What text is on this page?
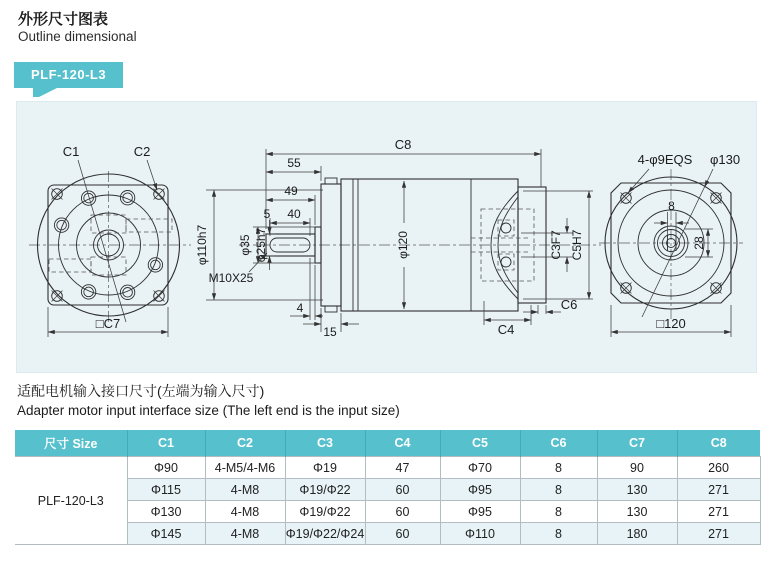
外形尺寸图表
Outline dimensional
PLF-120-L3
C1	C2
□C7
φ110h7
C8
55
49
5 40
φ35 φ25h7
M10X25
4
15
φ120	C3F7 C5H7
C4
C6
4-φ9EQS φ130
8
28
□120
适配电机输入接口尺寸(左端为输入尺寸)
Adapter motor input interface size (The left end is the input size)
尺寸 Size	C1	C2	C3	C4	C5	C6	C7	C8
PLF-120-L3	Φ90	4-M5/4-M6	Φ19	47	Φ70	8	90	260
	Φ115	4-M8	Φ19/Φ22	60	Φ95	8	130	271
	Φ130	4-M8	Φ19/Φ22	60	Φ95	8	130	271
	Φ145	4-M8	Φ19/Φ22/Φ24	60	Φ110	8	180	271
